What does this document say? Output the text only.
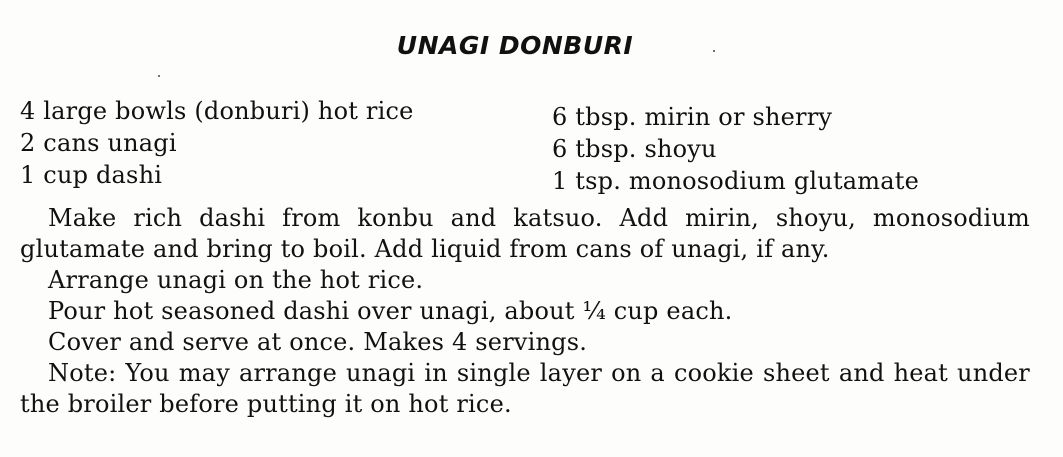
UNAGI DONBURI
4 large bowls (donburi) hot rice
2 cans unagi
1 cup dashi
6 tbsp. mirin or sherry
6 tbsp. shoyu
1 tsp. monosodium glutamate

Make rich dashi from konbu and katsuo. Add mirin, shoyu, monosodium glutamate and bring to boil. Add liquid from cans of unagi, if any.

Arrange unagi on the hot rice.

Pour hot seasoned dashi over unagi, about ¼ cup each.

Cover and serve at once. Makes 4 servings.

Note: You may arrange unagi in single layer on a cookie sheet and heat under the broiler before putting it on hot rice.
